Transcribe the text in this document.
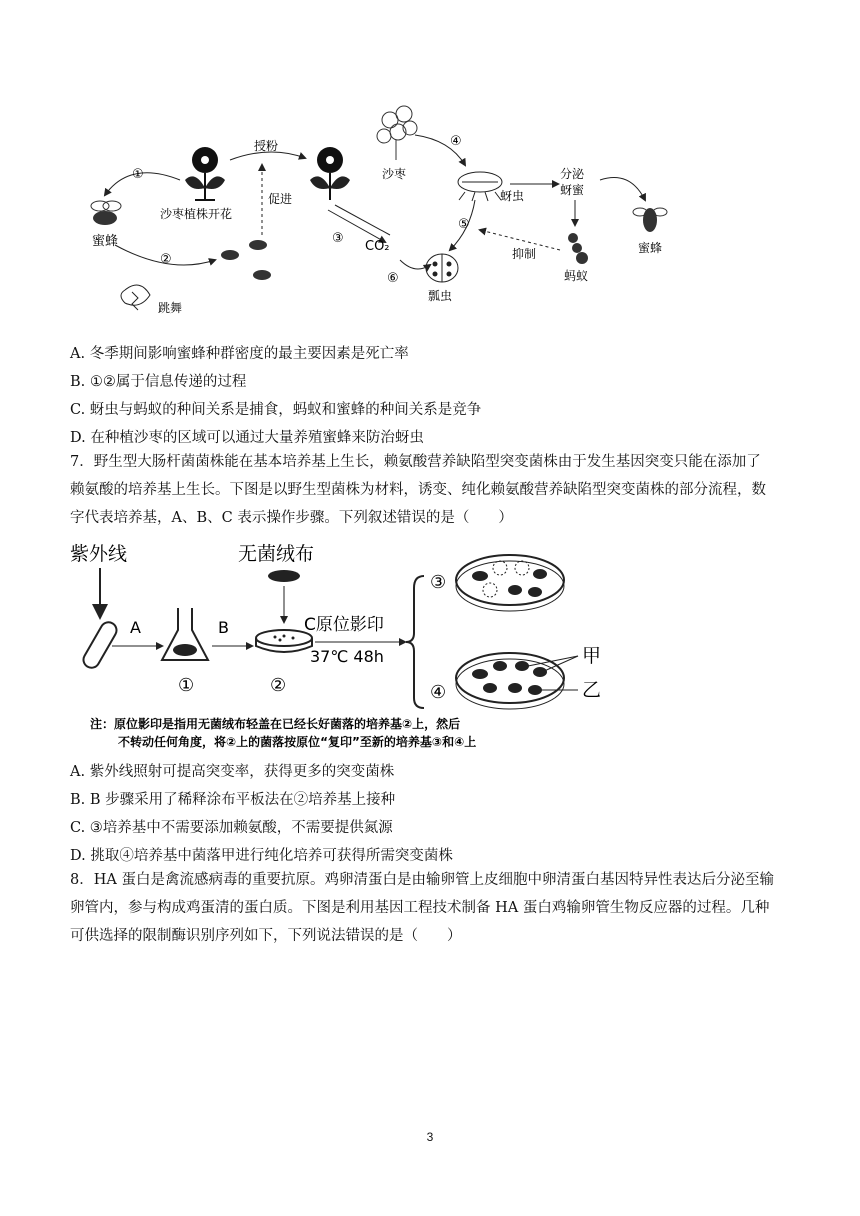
蜜蜂
沙枣植株开花
①
②
跳舞
授粉
促进
③
CO₂
⑥
沙枣
④
蚜虫
分泌
蚜蜜
蜜蜂
蚂蚁
抑制
⑤
瓢虫
A. 冬季期间影响蜜蜂种群密度的最主要因素是死亡率
B. ①②属于信息传递的过程
C. 蚜虫与蚂蚁的种间关系是捕食，蚂蚁和蜜蜂的种间关系是竞争
D. 在种植沙枣的区域可以通过大量养殖蜜蜂来防治蚜虫
7．野生型大肠杆菌菌株能在基本培养基上生长，赖氨酸营养缺陷型突变菌株由于发生基因突变只能在添加了
赖氨酸的培养基上生长。下图是以野生型菌株为材料，诱变、纯化赖氨酸营养缺陷型突变菌株的部分流程，数
字代表培养基，A、B、C 表示操作步骤。下列叙述错误的是（　　）
紫外线
A
①
B
无菌绒布
②
C原位影印
37℃ 48h
③
④
甲
乙
注：原位影印是指用无菌绒布轻盖在已经长好菌落的培养基②上，然后
不转动任何角度，将②上的菌落按原位“复印”至新的培养基③和④上
A. 紫外线照射可提高突变率，获得更多的突变菌株
B. B 步骤采用了稀释涂布平板法在②培养基上接种
C. ③培养基中不需要添加赖氨酸，不需要提供氮源
D. 挑取④培养基中菌落甲进行纯化培养可获得所需突变菌株
8．HA 蛋白是禽流感病毒的重要抗原。鸡卵清蛋白是由输卵管上皮细胞中卵清蛋白基因特异性表达后分泌至输
卵管内，参与构成鸡蛋清的蛋白质。下图是利用基因工程技术制备 HA 蛋白鸡输卵管生物反应器的过程。几种
可供选择的限制酶识别序列如下，下列说法错误的是（　　）
3
